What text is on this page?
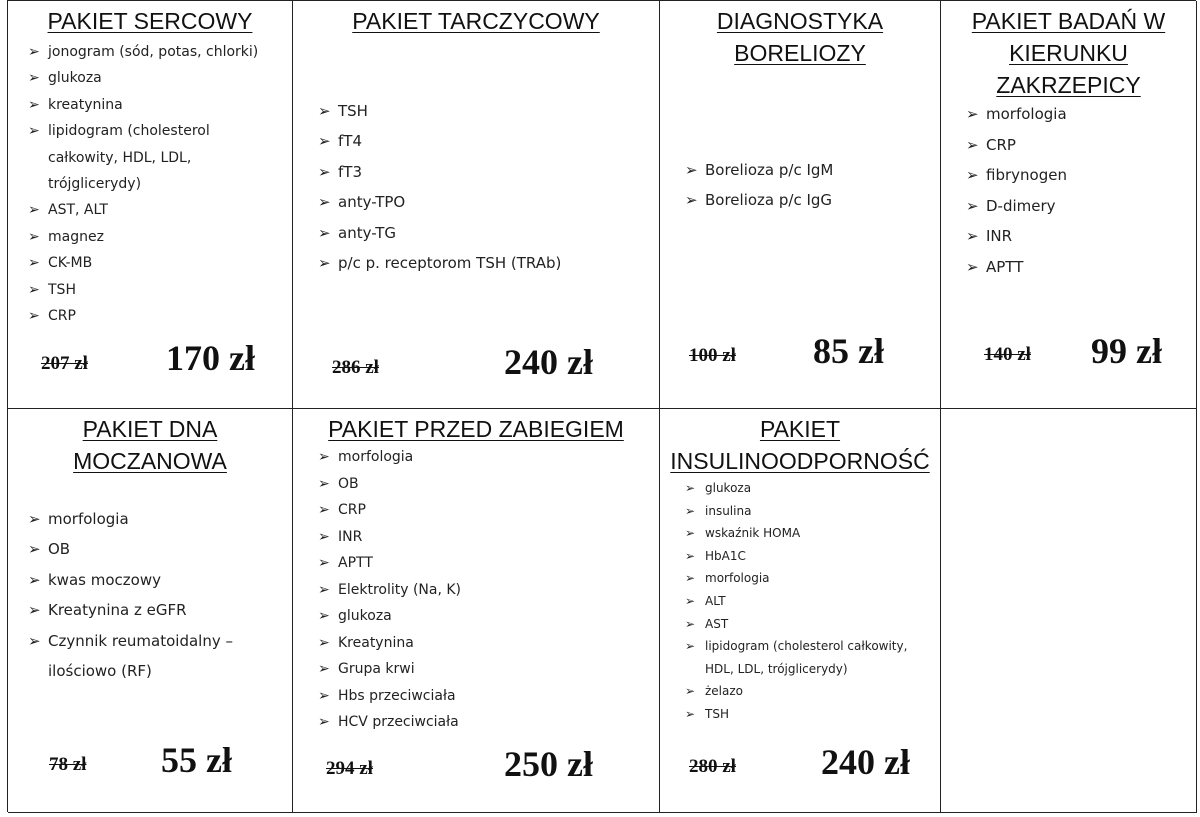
PAKIET SERCOWY
➢ jonogram (sód, potas, chlorki)
➢ glukoza
➢ kreatynina
➢ lipidogram (cholesterol całkowity, HDL, LDL, trójglicerydy)
➢ AST, ALT
➢ magnez
➢ CK-MB
➢ TSH
➢ CRP
207 zł 170 zł
PAKIET TARCZYCOWY
➢ TSH
➢ fT4
➢ fT3
➢ anty-TPO
➢ anty-TG
➢ p/c p. receptorom TSH (TRAb)
286 zł	240 zł
DIAGNOSTYKA
BORELIOZY
➢ Borelioza p/c IgM
➢ Borelioza p/c IgG
100 zł 85 zł
PAKIET BADAŃ W
KIERUNKU ZAKRZEPICY
➢ morfologia
➢ CRP
➢ fibrynogen
➢ D-dimery
➢ INR
➢ APTT
140 zł 99 zł
PAKIET DNA
MOCZANOWA
➢ morfologia
➢ OB
➢ kwas moczowy
➢ Kreatynina z eGFR
➢ Czynnik reumatoidalny – ilościowo (RF)
78 zł 55 zł
PAKIET PRZED ZABIEGIEM
➢ morfologia
➢ OB
➢ CRP
➢ INR
➢ APTT
➢ Elektrolity (Na, K)
➢ glukoza
➢ Kreatynina
➢ Grupa krwi
➢ Hbs przeciwciała
➢ HCV przeciwciała
294 zł	250 zł
PAKIET
INSULINOODPORNOŚĆ
➢ glukoza
➢ insulina
➢ wskaźnik HOMA
➢ HbA1C
➢ morfologia
➢ ALT
➢ AST
➢ lipidogram (cholesterol całkowity, HDL, LDL, trójglicerydy)
➢ żelazo
➢ TSH
280 zł 240 zł
